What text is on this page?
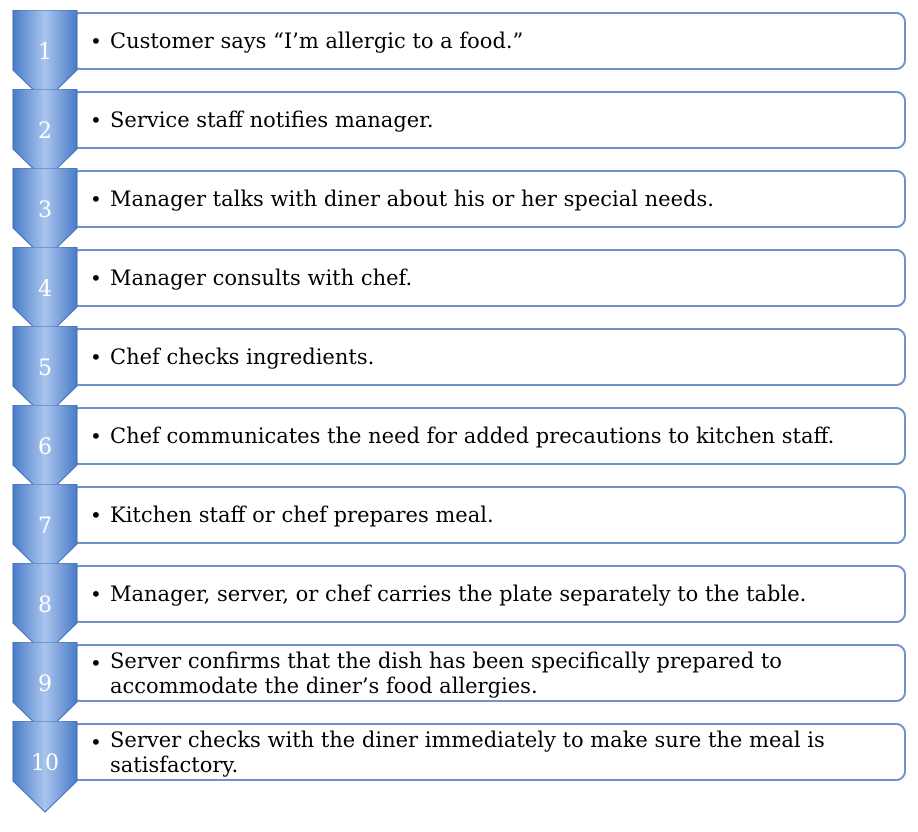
• Customer says “I’m allergic to a food.”
1
• Service staff notifies manager.
2
• Manager talks with diner about his or her special needs.
3
• Manager consults with chef.
4
• Chef checks ingredients.
5
• Chef communicates the need for added precautions to kitchen staff.
6
• Kitchen staff or chef prepares meal.
7
• Manager, server, or chef carries the plate separately to the table.
8
• Server confirms that the dish has been specifically prepared to
accommodate the diner’s food allergies.
9
• Server checks with the diner immediately to make sure the meal is
satisfactory.
10
